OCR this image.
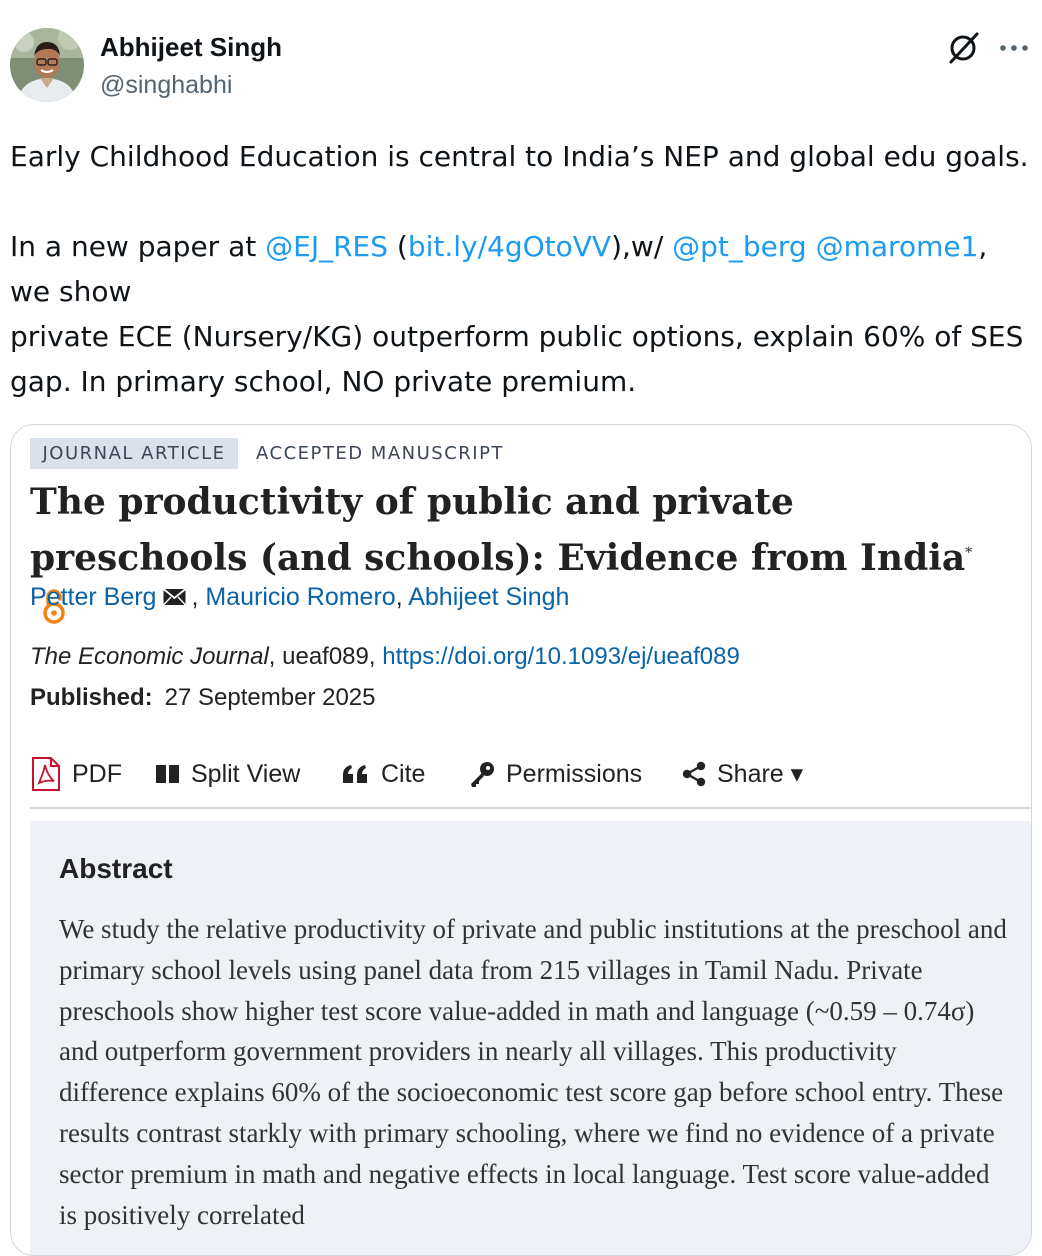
Abhijeet Singh
@singhabhi

Early Childhood Education is central to India’s NEP and global edu goals.

In a new paper at @EJ_RES (bit.ly/4gOtoVV),w/ @pt_berg @marome1, we show

private ECE (Nursery/KG) outperform public options, explain 60% of SES gap. In primary school, NO private premium.

JOURNAL ARTICLE	ACCEPTED MANUSCRIPT
The productivity of public and private preschools (and schools): Evidence from India*
Petter Berg , Mauricio Romero, Abhijeet Singh
The Economic Journal, ueaf089, https://doi.org/10.1093/ej/ueaf089
Published: 27 September 2025
PDF	Split View	Cite	Permissions	Share ▾
Abstract
We study the relative productivity of private and public institutions at the preschool and primary school levels using panel data from 215 villages in Tamil Nadu. Private preschools show higher test score value-added in math and language (~0.59 – 0.74σ) and outperform government providers in nearly all villages. This productivity difference explains 60% of the socioeconomic test score gap before school entry. These results contrast starkly with primary schooling, where we find no evidence of a private sector premium in math and negative effects in local language. Test score value-added is positively correlated
